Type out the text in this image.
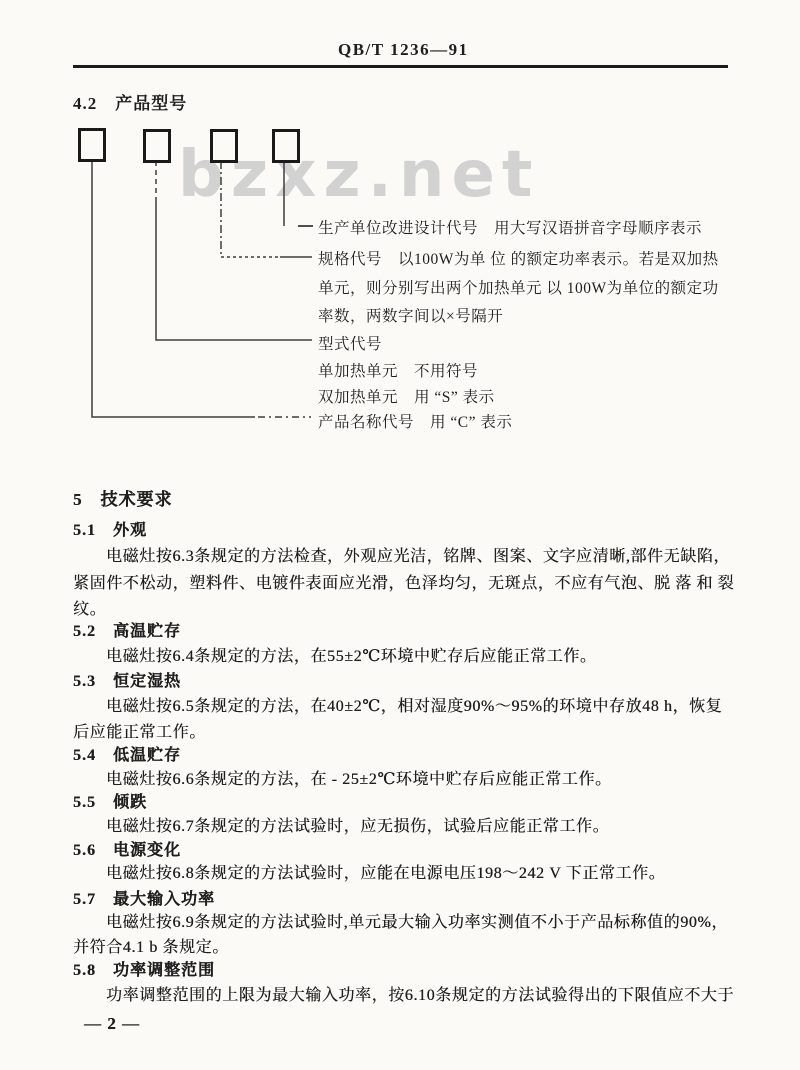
QB/T 1236—91
4.2　产品型号
bzxz.net
生产单位改进设计代号　用大写汉语拼音字母顺序表示
规格代号　以100W为单 位 的额定功率表示。若是双加热
单元，则分别写出两个加热单元 以 100W为单位的额定功
率数，两数字间以×号隔开
型式代号
单加热单元　不用符号
双加热单元　用 “S” 表示
产品名称代号　用 “C” 表示
5　技术要求
5.1　外观
电磁灶按6.3条规定的方法检查，外观应光洁，铭牌、图案、文字应清晰,部件无缺陷，
紧固件不松动，塑料件、电镀件表面应光滑，色泽均匀，无斑点，不应有气泡、脱 落 和 裂
纹。
5.2　高温贮存
电磁灶按6.4条规定的方法，在55±2℃环境中贮存后应能正常工作。
5.3　恒定湿热
电磁灶按6.5条规定的方法，在40±2℃，相对湿度90%～95%的环境中存放48 h，恢复
后应能正常工作。
5.4　低温贮存
电磁灶按6.6条规定的方法，在 - 25±2℃环境中贮存后应能正常工作。
5.5　倾跌
电磁灶按6.7条规定的方法试验时，应无损伤，试验后应能正常工作。
5.6　电源变化
电磁灶按6.8条规定的方法试验时，应能在电源电压198～242 V 下正常工作。
5.7　最大输入功率
电磁灶按6.9条规定的方法试验时,单元最大输入功率实测值不小于产品标称值的90%，
并符合4.1 b 条规定。
5.8　功率调整范围
功率调整范围的上限为最大输入功率，按6.10条规定的方法试验得出的下限值应不大于
— 2 —
